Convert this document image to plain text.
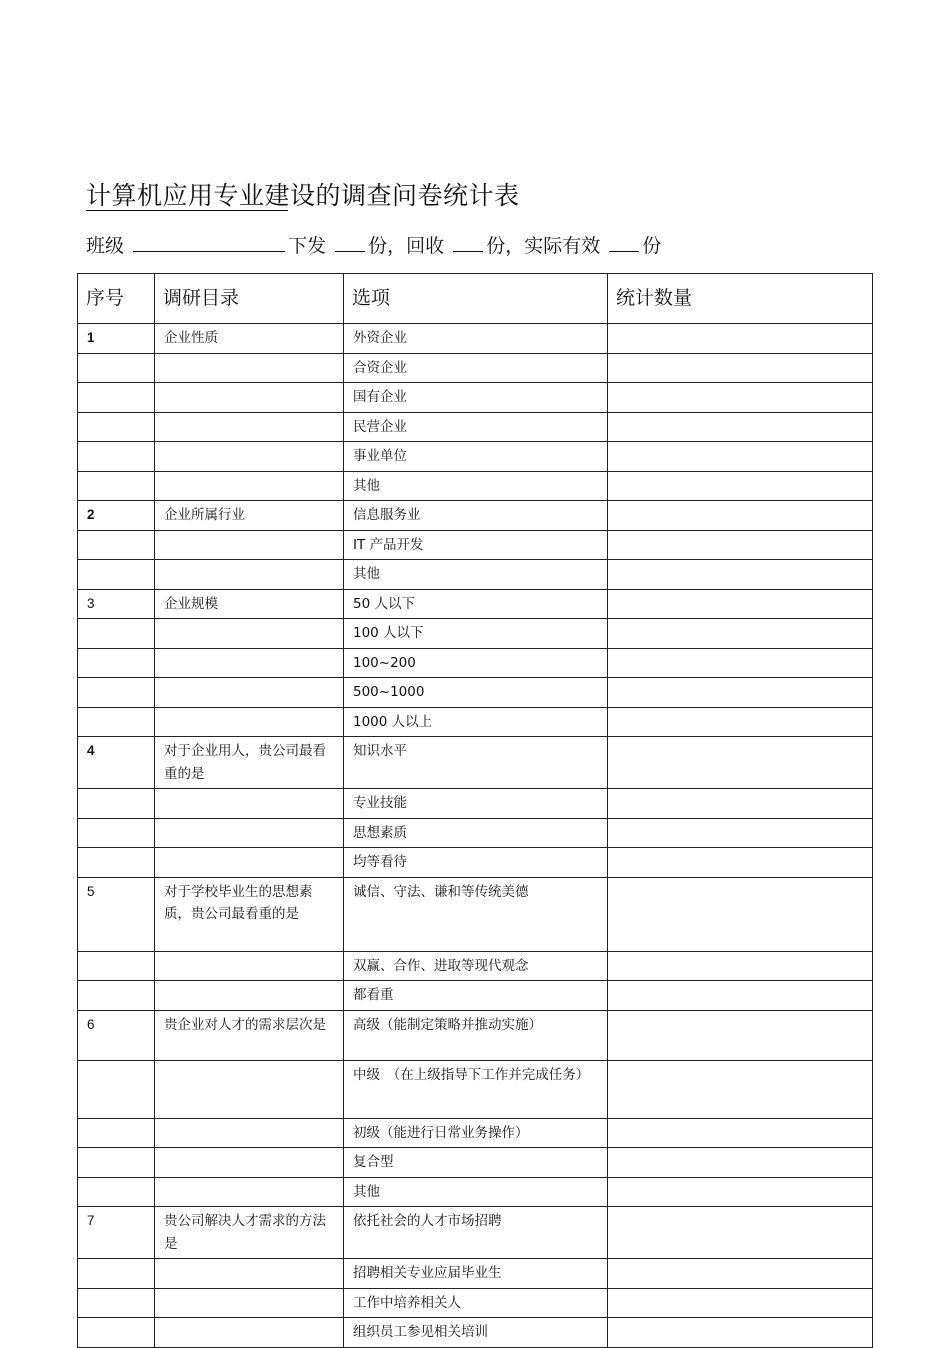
计算机应用专业建设的调查问卷统计表
班级	下发 份，回收 份，实际有效 份
序号	调研目录	选项	统计数量
1	企业性质	外资企业	
		合资企业	
		国有企业	
		民营企业	
		事业单位	
		其他	
2	企业所属行业	信息服务业	
		IT 产品开发	
		其他	
3	企业规模	50 人以下	
		100 人以下	
		100~200	
		500~1000	
		1000 人以上	
4	对于企业用人，贵公司最看重的是	知识水平	
		专业技能	
		思想素质	
		均等看待	
5	对于学校毕业生的思想素质，贵公司最看重的是	诚信、守法、谦和等传统美德	
		双赢、合作、进取等现代观念	
		都看重	
6	贵企业对人才的需求层次是	高级（能制定策略并推动实施）	
		中级　（在上级指导下工作并完成任务）	
		初级（能进行日常业务操作）	
		复合型	
		其他	
7	贵公司解决人才需求的方法是	依托社会的人才市场招聘	
		招聘相关专业应届毕业生	
		工作中培养相关人	
		组织员工参见相关培训	
